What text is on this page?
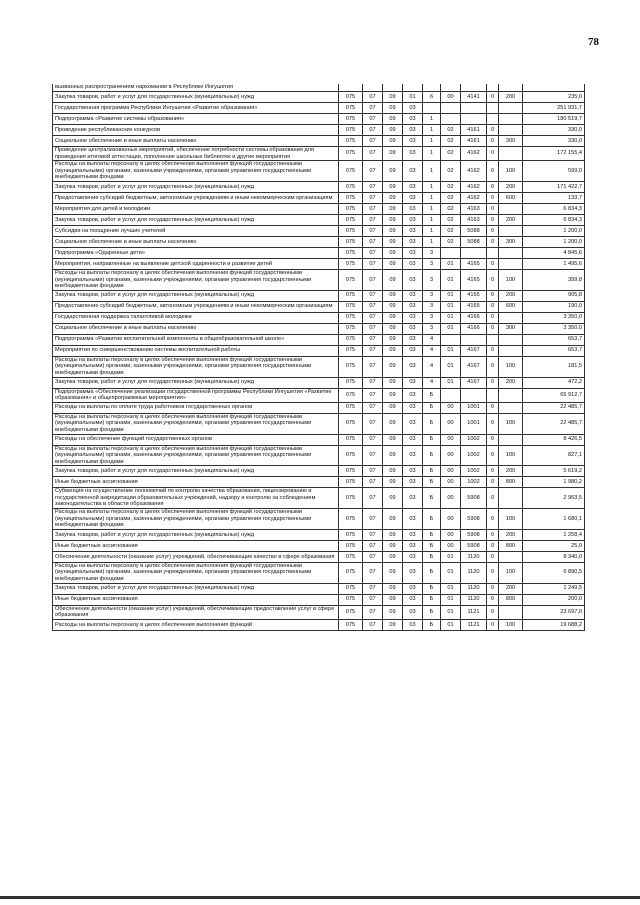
78
вызванных распространением наркомании в Республике Ингушетия										
Закупка товаров, работ и услуг для государственных (муниципальных) нужд	075	07	09	01	6	00	4141	0	200	235,0
Государственная программа Республики Ингушетия «Развитие образования»	075	07	09	03						251 931,7
Подпрограмма «Развитие системы образования»	075	07	09	03	1					180 519,7
Проведение республиканских конкурсов	075	07	09	03	1	02	4161	0		330,0
Социальное обеспечение и иные выплаты населению	075	07	09	03	1	02	4161	0	300	330,0
Проведение централизованных мероприятий, обеспечение потребности системы образования для проведения итоговой аттестации, пополнение школьных библиотек и другие мероприятия	075	07	09	03	1	02	4162	0		172 155,4
Расходы на выплаты персоналу в целях обеспечения выполнения функций государственными (муниципальными) органами, казенными учреждениями, органами управления государственными внебюджетными фондами	075	07	09	03	1	02	4162	0	100	599,0
Закупка товаров, работ и услуг для государственных (муниципальных) нужд	075	07	09	03	1	02	4162	0	200	171 422,7
Предоставление субсидий бюджетным, автономным учреждениям и иным некоммерческим организациям	075	07	09	03	1	02	4162	0	600	133,7
Мероприятия для детей и молодежи	075	07	09	03	1	02	4163	0		6 834,3
Закупка товаров, работ и услуг для государственных (муниципальных) нужд	075	07	09	03	1	02	4163	0	200	6 834,3
Субсидии на поощрение лучших учителей	075	07	09	03	1	02	5088	0		1 200,0
Социальное обеспечение и иные выплаты населению	075	07	09	03	1	02	5088	0	300	1 200,0
Подпрограмма «Одаренные дети»	075	07	09	03	3					4 845,6
Мероприятия, направленные на выявление детской одаренности и развитие детей	075	07	09	03	3	01	4165	0		1 495,6
Расходы на выплаты персоналу в целях обеспечения выполнения функций государственными (муниципальными) органами, казенными учреждениями, органами управления государственными внебюджетными фондами	075	07	09	03	3	01	4165	0	100	399,8
Закупка товаров, работ и услуг для государственных (муниципальных) нужд	075	07	09	03	3	01	4165	0	200	905,8
Предоставление субсидий бюджетным, автономным учреждениям и иным некоммерческим организациям	075	07	09	03	3	01	4165	0	600	190,0
Государственная поддержка талантливой молодежи	075	07	09	03	3	01	4166	0		3 350,0
Социальное обеспечение и иные выплаты населению	075	07	09	03	3	01	4166	0	300	3 350,0
Подпрограмма «Развитие воспитательной компоненты в общеобразовательной школе»	075	07	09	03	4					653,7
Мероприятия по совершенствованию системы воспитательной работы	075	07	09	03	4	01	4167	0		653,7
Расходы на выплаты персоналу в целях обеспечения выполнения функций государственными (муниципальными) органами, казенными учреждениями, органами управления государственными внебюджетными фондами	075	07	09	03	4	01	4167	0	100	181,5
Закупка товаров, работ и услуг для государственных (муниципальных) нужд	075	07	09	03	4	01	4167	0	200	472,2
Подпрограмма «Обеспечение реализации государственной программы Республики Ингушетия «Развитие образования» и общепрограммные мероприятия»	075	07	09	03	Б					65 912,7
Расходы на выплаты по оплате труда работников государственных органов	075	07	09	03	Б	00	1001	0		22 485,7
Расходы на выплаты персоналу в целях обеспечения выполнения функций государственными (муниципальными) органами, казенными учреждениями, органами управления государственными внебюджетными фондами	075	07	09	03	Б	00	1001	0	100	22 485,7
Расходы на обеспечение функций государственных органов	075	07	09	03	Б	00	1002	0		8 426,5
Расходы на выплаты персоналу в целях обеспечения выполнения функций государственными (муниципальными) органами, казенными учреждениями, органами управления государственными внебюджетными фондами	075	07	09	03	Б	00	1002	0	100	827,1
Закупка товаров, работ и услуг для государственных (муниципальных) нужд	075	07	09	03	Б	00	1002	0	200	5 619,2
Иные бюджетные ассигнования	075	07	09	03	Б	00	1002	0	800	1 980,2
Субвенция на осуществление полномочий по контролю качества образования, лицензированию и государственной аккредитации образовательных учреждений, надзору и контролю за соблюдением законодательства в области образования	075	07	09	03	Б	00	5908	0		2 963,5
Расходы на выплаты персоналу в целях обеспечения выполнения функций государственными (муниципальными) органами, казенными учреждениями, органами управления государственными внебюджетными фондами	075	07	09	03	Б	00	5908	0	100	1 680,1
Закупка товаров, работ и услуг для государственных (муниципальных) нужд	075	07	09	03	Б	00	5908	0	200	1 258,4
Иные бюджетные ассигнования	075	07	09	03	Б	00	5908	0	800	25,0
Обеспечение деятельности (оказание услуг) учреждений, обеспечивающие качество в сфере образования	075	07	09	03	Б	01	1120	0		8 340,0
Расходы на выплаты персоналу в целях обеспечения выполнения функций государственными (муниципальными) органами, казенными учреждениями, органами управления государственными внебюджетными фондами	075	07	09	03	Б	01	1120	0	100	6 890,5
Закупка товаров, работ и услуг для государственных (муниципальных) нужд	075	07	09	03	Б	01	1120	0	200	1 249,5
Иные бюджетные ассигнования	075	07	09	03	Б	01	1120	0	800	200,0
Обеспечение деятельности (оказание услуг) учреждений, обеспечивающие предоставление услуг в сфере образования	075	07	09	03	Б	01	1121	0		23 697,0
Расходы на выплаты персоналу в целях обеспечения выполнения функций	075	07	09	03	Б	01	1121	0	100	19 688,2
